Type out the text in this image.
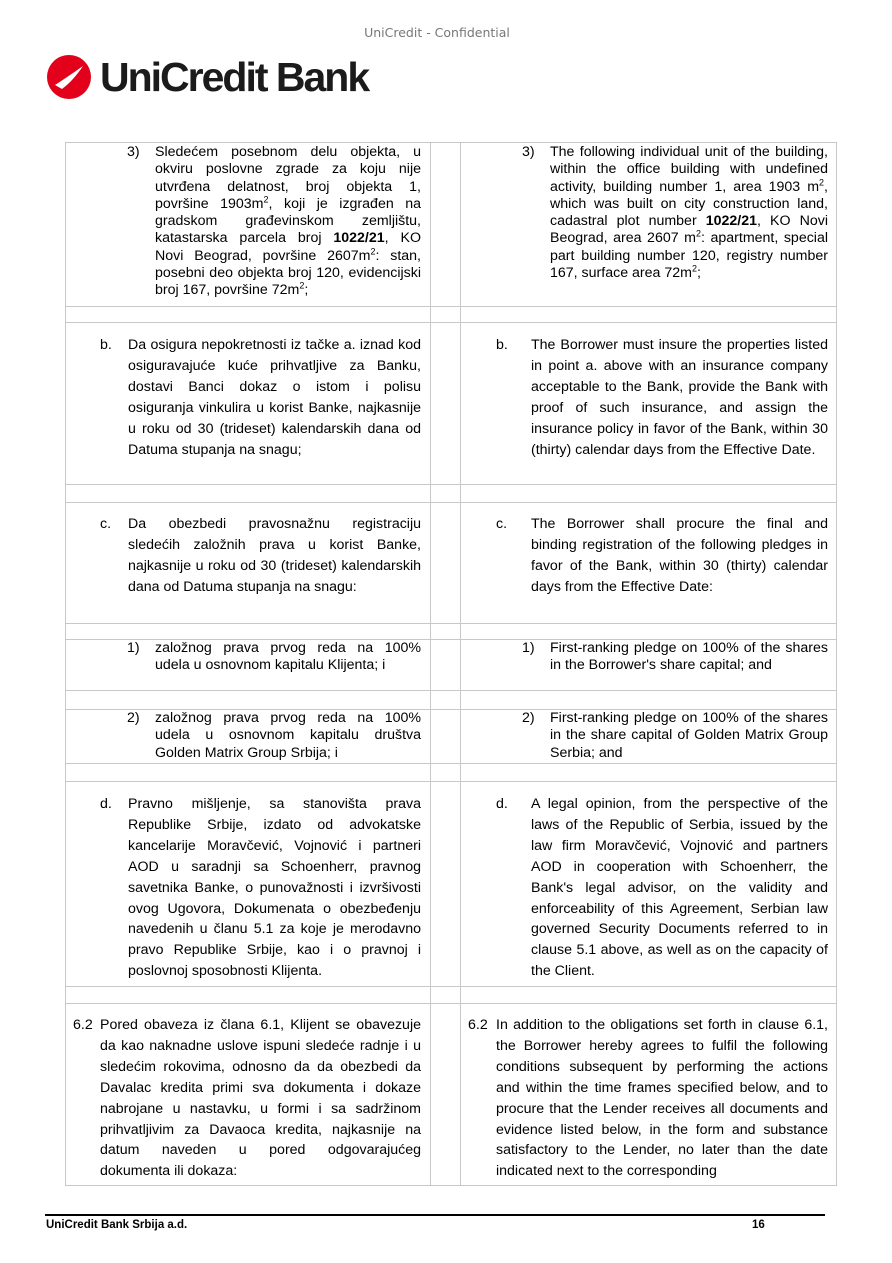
UniCredit - Confidential
UniCredit Bank
3) Sledećem posebnom delu objekta, u okviru poslovne zgrade za koju nije utvrđena delatnost, broj objekta 1, površine $1903m^2$, koji je izgrađen na gradskom građevinskom zemljištu, katastarska parcela broj 1022/21, KO Novi Beograd, površine $2607m^2$: stan, posebni deo objekta broj 120, evidencijski broj 167, površine $72m^2$;
3) The following individual unit of the building, within the office building with undefined activity, building number 1, area 1903 $m^2$, which was built on city construction land, cadastral plot number 1022/21, KO Novi Beograd, area 2607 $m^2$: apartment, special part building number 120, registry number 167, surface area $72m^2$;
b. Da osigura nepokretnosti iz tačke a. iznad kod osiguravajuće kuće prihvatljive za Banku, dostavi Banci dokaz o istom i polisu osiguranja vinkulira u korist Banke, najkasnije u roku od 30 (trideset) kalendarskih dana od Datuma stupanja na snagu;
b. The Borrower must insure the properties listed in point a. above with an insurance company acceptable to the Bank, provide the Bank with proof of such insurance, and assign the insurance policy in favor of the Bank, within 30 (thirty) calendar days from the Effective Date.
c. Da obezbedi pravosnažnu registraciju sledećih založnih prava u korist Banke, najkasnije u roku od 30 (trideset) kalendarskih dana od Datuma stupanja na snagu:
c. The Borrower shall procure the final and binding registration of the following pledges in favor of the Bank, within 30 (thirty) calendar days from the Effective Date:
1) založnog prava prvog reda na 100% udela u osnovnom kapitalu Klijenta; i
1) First-ranking pledge on 100% of the shares in the Borrower's share capital; and
2) založnog prava prvog reda na 100% udela u osnovnom kapitalu društva Golden Matrix Group Srbija; i
2) First-ranking pledge on 100% of the shares in the share capital of Golden Matrix Group Serbia; and
d. Pravno mišljenje, sa stanovišta prava Republike Srbije, izdato od advokatske kancelarije Moravčević, Vojnović i partneri AOD u saradnji sa Schoenherr, pravnog savetnika Banke, o punovažnosti i izvršivosti ovog Ugovora, Dokumenata o obezbeđenju navedenih u članu 5.1 za koje je merodavno pravo Republike Srbije, kao i o pravnoj i poslovnoj sposobnosti Klijenta.
d. A legal opinion, from the perspective of the laws of the Republic of Serbia, issued by the law firm Moravčević, Vojnović and partners AOD in cooperation with Schoenherr, the Bank's legal advisor, on the validity and enforceability of this Agreement, Serbian law governed Security Documents referred to in clause 5.1 above, as well as on the capacity of the Client.
6.2 Pored obaveza iz člana 6.1, Klijent se obavezuje da kao naknadne uslove ispuni sledeće radnje i u sledećim rokovima, odnosno da da obezbedi da Davalac kredita primi sva dokumenta i dokaze nabrojane u nastavku, u formi i sa sadržinom prihvatljivim za Davaoca kredita, najkasnije na datum naveden u pored odgovarajućeg dokumenta ili dokaza:
6.2 In addition to the obligations set forth in clause 6.1, the Borrower hereby agrees to fulfil the following conditions subsequent by performing the actions and within the time frames specified below, and to procure that the Lender receives all documents and evidence listed below, in the form and substance satisfactory to the Lender, no later than the date indicated next to the corresponding
UniCredit Bank Srbija a.d.	16
